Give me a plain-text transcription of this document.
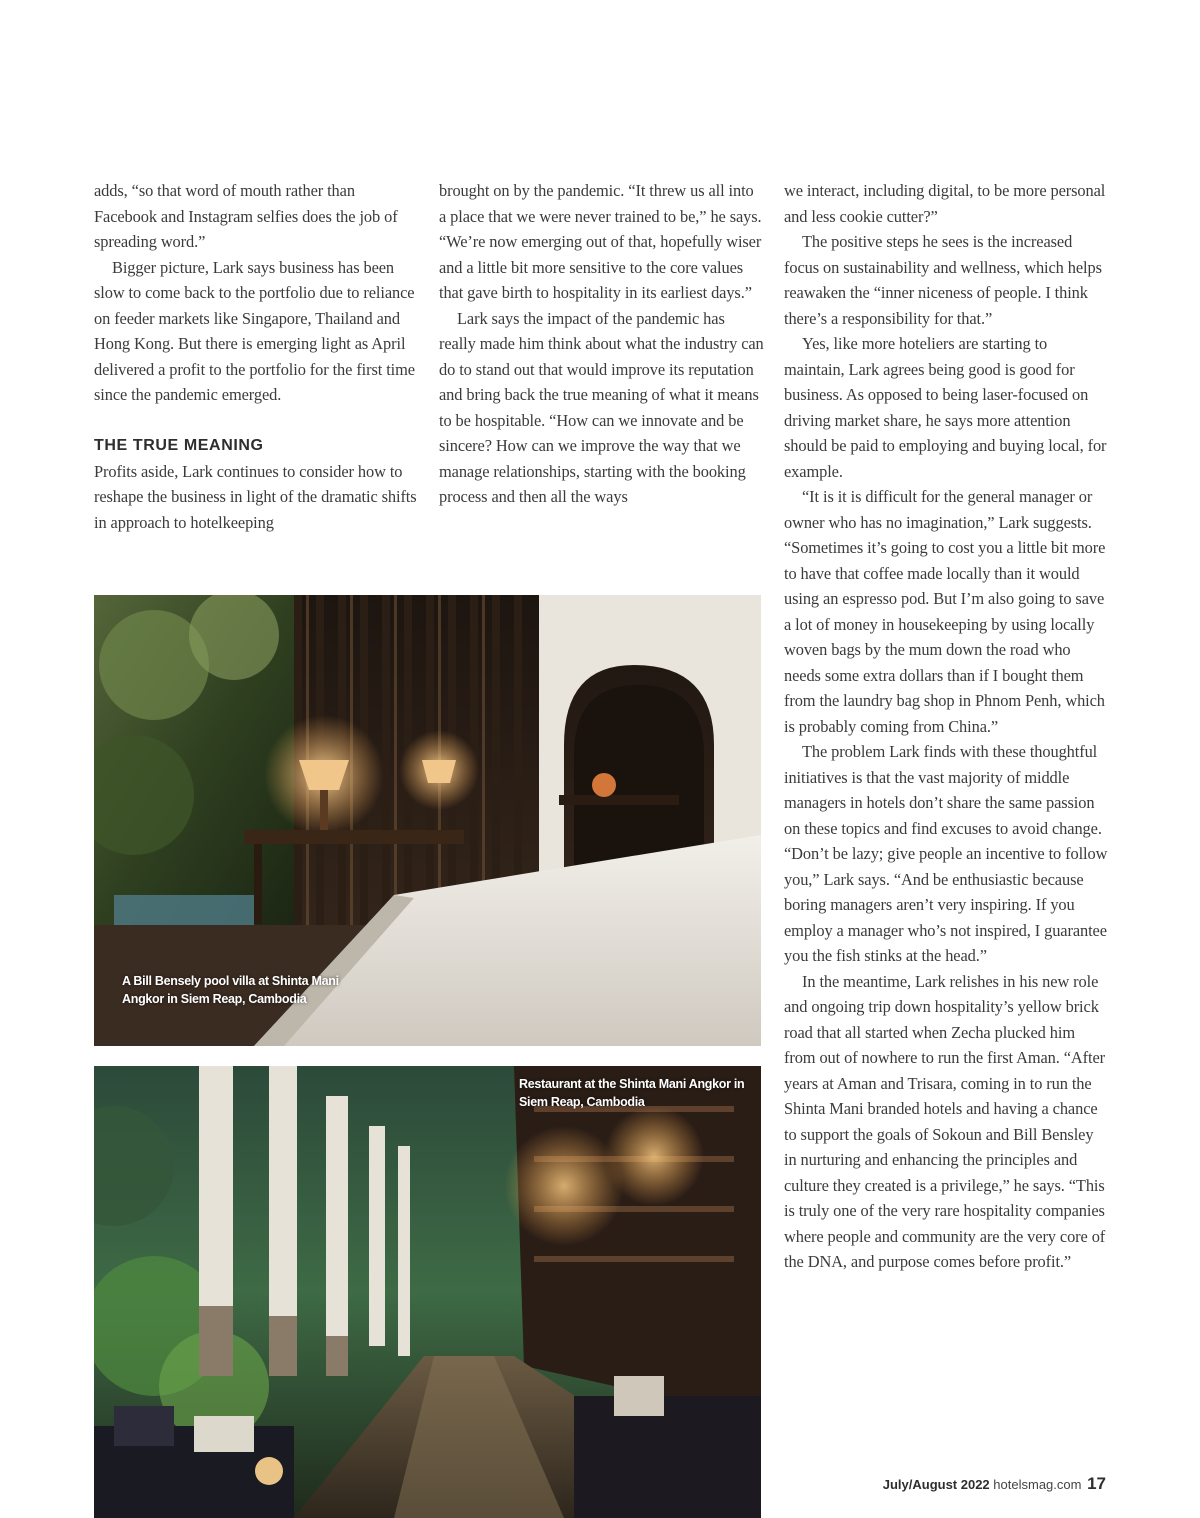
adds, “so that word of mouth rather than Facebook and Instagram selfies does the job of spreading word.”

Bigger picture, Lark says business has been slow to come back to the portfolio due to reliance on feeder markets like Singapore, Thailand and Hong Kong. But there is emerging light as April delivered a profit to the portfolio for the first time since the pandemic emerged.

THE TRUE MEANING

Profits aside, Lark continues to consider how to reshape the business in light of the dramatic shifts in approach to hotelkeeping

brought on by the pandemic. “It threw us all into a place that we were never trained to be,” he says. “We’re now emerging out of that, hopefully wiser and a little bit more sensitive to the core values that gave birth to hospitality in its earliest days.”

Lark says the impact of the pandemic has really made him think about what the industry can do to stand out that would improve its reputation and bring back the true meaning of what it means to be hospitable. “How can we innovate and be sincere? How can we improve the way that we manage relationships, starting with the booking process and then all the ways

we interact, including digital, to be more personal and less cookie cutter?”

The positive steps he sees is the increased focus on sustainability and wellness, which helps reawaken the “inner niceness of people. I think there’s a responsibility for that.”

Yes, like more hoteliers are starting to maintain, Lark agrees being good is good for business. As opposed to being laser-focused on driving market share, he says more attention should be paid to employing and buying local, for example.

“It is it is difficult for the general manager or owner who has no imagination,” Lark suggests. “Sometimes it’s going to cost you a little bit more to have that coffee made locally than it would using an espresso pod. But I’m also going to save a lot of money in housekeeping by using locally woven bags by the mum down the road who needs some extra dollars than if I bought them from the laundry bag shop in Phnom Penh, which is probably coming from China.”

The problem Lark finds with these thoughtful initiatives is that the vast majority of middle managers in hotels don’t share the same passion on these topics and find excuses to avoid change. “Don’t be lazy; give people an incentive to follow you,” Lark says. “And be enthusiastic because boring managers aren’t very inspiring. If you employ a manager who’s not inspired, I guarantee you the fish stinks at the head.”

In the meantime, Lark relishes in his new role and ongoing trip down hospitality’s yellow brick road that all started when Zecha plucked him from out of nowhere to run the first Aman. “After years at Aman and Trisara, coming in to run the Shinta Mani branded hotels and having a chance to support the goals of Sokoun and Bill Bensley in nurturing and enhancing the principles and culture they created is a privilege,” he says. “This is truly one of the very rare hospitality companies where people and community are the very core of the DNA, and purpose comes before profit.”

A Bill Bensely pool villa at Shinta Mani Angkor in Siem Reap, Cambodia
Restaurant at the Shinta Mani Angkor in Siem Reap, Cambodia
July/August 2022 hotelsmag.com 17
